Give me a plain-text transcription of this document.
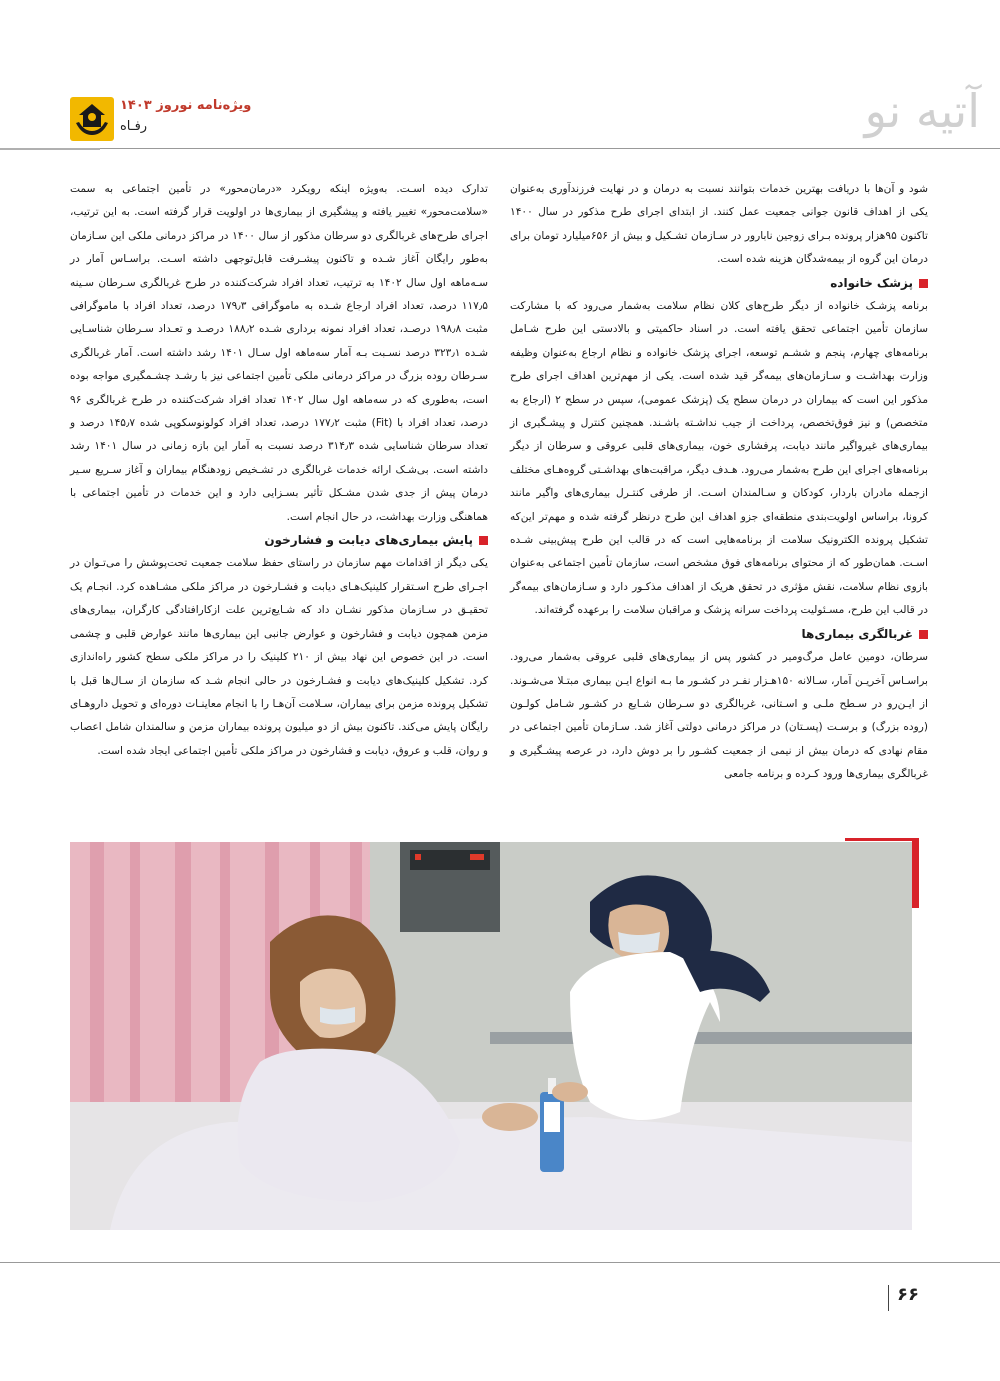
آتیه نو
ویژه‌نامه نوروز ۱۴۰۳
رفـاه

شود و آن‌ها با دریافت بهترین خدمات بتوانند نسبت به درمان و در نهایت فرزندآوری به‌عنوان یکی از اهداف قانون جوانی جمعیت عمل کنند. از ابتدای اجرای طرح مذکور در سال ۱۴۰۰ تاکنون ۹۵هزار پرونده بـرای زوجین نابارور در سـازمان تشـکیل و بیش از ۶۵۶میلیارد تومان برای درمان این گروه از بیمه‌شدگان هزینه شده است.

پزشک خانواده

برنامه پزشـک خانواده از دیگر طرح‌های کلان نظام سلامت به‌شمار می‌رود که با مشارکت سازمان تأمین اجتماعی تحقق یافته است. در اسناد حاکمیتی و بالادستی این طرح شـامل برنامه‌های چهارم، پنجم و ششـم توسعه، اجرای پزشک خانواده و نظام ارجاع به‌عنوان وظیفه وزارت بهداشـت و سـازمان‌های بیمه‌گر قید شده است. یکی از مهم‌ترین اهداف اجرای طرح مذکور این است که بیماران در درمان سطح یک (پزشک عمومی)، سپس در سطح ۲ (ارجاع به متخصص) و نیز فوق‌تخصص، پرداخت از جیب نداشـته باشـند. همچنین کنترل و پیشـگیری از بیماری‌های غیرواگیر مانند دیابت، پرفشاری خون، بیماری‌های قلبی عروقی و سرطان از دیگر برنامه‌های اجرای این طرح به‌شمار می‌رود. هـدف دیگر، مراقبت‌های بهداشـتی گروه‌هـای مختلف ازجمله مادران باردار، کودکان و سـالمندان اسـت. از طرفی کنتـرل بیماری‌های واگیر مانند کرونا، براساس اولویت‌بندی منطقه‌ای جزو اهداف این طرح درنظر گرفته شده و مهم‌تر این‌که تشکیل پرونده الکترونیک سلامت از برنامه‌هایی است که در قالب این طرح پیش‌بینی شـده اسـت. همان‌طور که از محتوای برنامه‌های فوق مشخص است، سازمان تأمین اجتماعی به‌عنوان بازوی نظام سلامت، نقش مؤثری در تحقق هریک از اهداف مذکـور دارد و سـازمان‌های بیمه‌گر در قالب این طرح، مسـئولیت پرداخت سرانه پزشک و مراقبان سلامت را برعهده گرفته‌اند.

غربالگری بیماری‌ها

سرطان، دومین عامل مرگ‌ومیر در کشور پس از بیماری‌های قلبی عروقی به‌شمار می‌رود. براسـاس آخریـن آمار، سـالانه ۱۵۰هـزار نفـر در کشـور ما بـه انواع ایـن بیماری مبتـلا می‌شـوند. از ایـن‌رو در سـطح ملـی و اسـتانی، غربالگری دو سـرطان شـایع در کشـور شـامل کولـون (روده بزرگ) و برسـت (پسـتان) در مراکز درمانی دولتی آغاز شد. سـازمان تأمین اجتماعی در مقام نهادی که درمان بیش از نیمی از جمعیت کشـور را بر دوش دارد، در عرصه پیشـگیری و غربالگری بیماری‌ها ورود کـرده و برنامه جامعی

تدارک دیده اسـت. به‌ویژه اینکه رویکرد «درمان‌محور» در تأمین اجتماعی به سمت «سلامت‌محور» تغییر یافته و پیشگیری از بیماری‌ها در اولویت قرار گرفته است. به این ترتیب، اجرای طرح‌های غربالگری دو سرطان مذکور از سال ۱۴۰۰ در مراکز درمانی ملکی این سـازمان به‌طور رایگان آغاز شـده و تاکنون پیشـرفت قابل‌توجهی داشته اسـت. براسـاس آمار در سـه‌ماهه اول سال ۱۴۰۲ به ترتیب، تعداد افراد شرکت‌کننده در طرح غربالگری سـرطان سـینه ۱۱۷٫۵ درصد، تعداد افراد ارجاع شـده به ماموگرافی ۱۷۹٫۳ درصد، تعداد افراد با ماموگرافی مثبت ۱۹۸٫۸ درصـد، تعداد افراد نمونه برداری شـده ۱۸۸٫۲ درصـد و تعـداد سـرطان شناسـایی شـده ۳۲۳٫۱ درصد نسـبت بـه آمار سه‌ماهه اول سـال ۱۴۰۱ رشد داشته است. آمار غربالگری سـرطان روده بزرگ در مراکز درمانی ملکی تأمین اجتماعی نیز با رشـد چشـمگیری مواجه بوده است، به‌طوری که در سه‌ماهه اول سال ۱۴۰۲ تعداد افراد شرکت‌کننده در طرح غربالگری ۹۶ درصد، تعداد افراد با (Fit) مثبت ۱۷۷٫۲ درصد، تعداد افراد کولونوسکوپی شده ۱۴۵٫۷ درصد و تعداد سرطان شناسایی شده ۳۱۴٫۳ درصد نسبت به آمار این بازه زمانی در سال ۱۴۰۱ رشد داشته است. بی‌شـک ارائه خدمات غربالگری در تشـخیص زودهنگام بیماران و آغاز سـریع سـیر درمان پیش از جدی شدن مشـکل تأثیر بسـزایی دارد و این خدمات در تأمین اجتماعی با هماهنگی وزارت بهداشت، در حال انجام است.

پایش بیماری‌های دیابت و فشارخون

یکی دیگر از اقدامات مهم سازمان در راستای حفظ سلامت جمعیت تحت‌پوشش را می‌تـوان در اجـرای طرح اسـتقرار کلینیک‌هـای دیابت و فشـارخون در مراکز ملکی مشـاهده کرد. انجـام یک تحقیـق در سـازمان مذکور نشـان داد که شـایع‌ترین علت ازکارافتادگی کارگران، بیماری‌های مزمن همچون دیابت و فشارخون و عوارض جانبی این بیماری‌ها مانند عوارض قلبی و چشمی است. در این خصوص این نهاد بیش از ۲۱۰ کلینیک را در مراکز ملکی سطح کشور راه‌اندازی کرد. تشکیل کلینیک‌های دیابت و فشـارخون در حالی انجام شـد که سازمان از سـال‌ها قبل با تشکیل پرونده مزمن برای بیماران، سـلامت آن‌هـا را با انجام معاینـات دوره‌ای و تحویل داروهـای رایگان پایش می‌کند. تاکنون بیش از دو میلیون پرونده بیماران مزمن و سالمندان شامل اعصاب و روان، قلب و عروق، دیابت و فشارخون در مراکز ملکی تأمین اجتماعی ایجاد شده است.

۶۶
